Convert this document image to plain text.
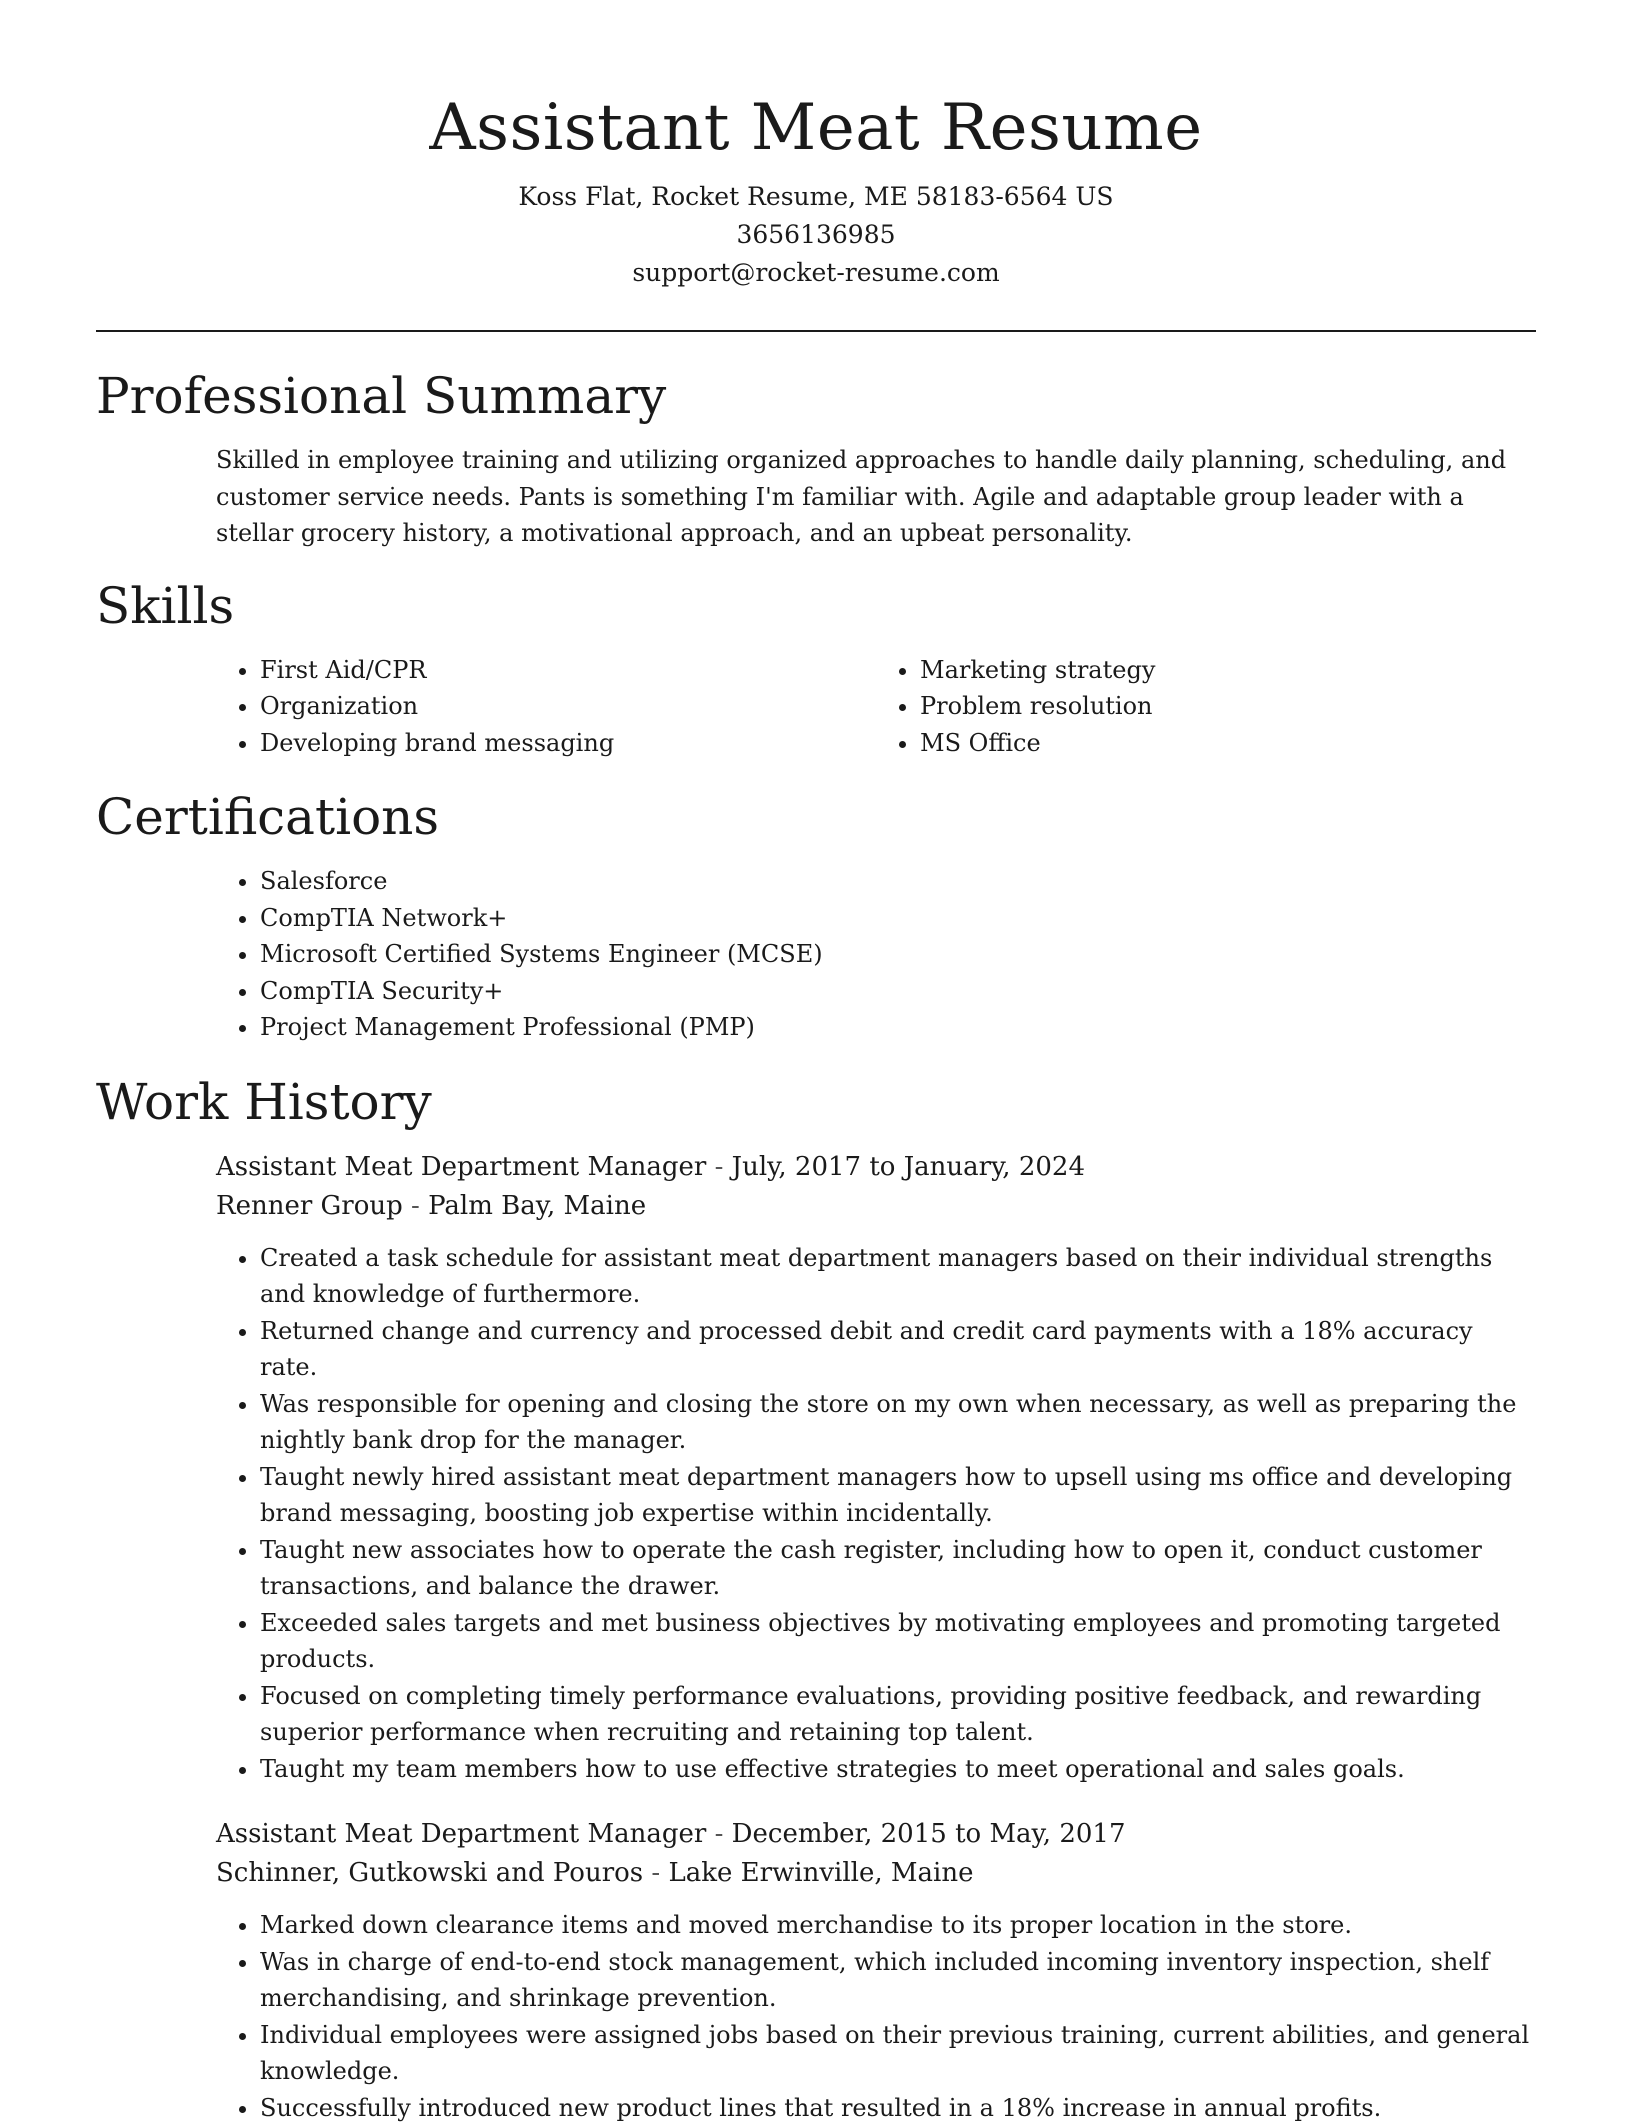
Assistant Meat Resume

Koss Flat, Rocket Resume, ME 58183-6564 US

3656136985

support@rocket-resume.com

Professional Summary

Skilled in employee training and utilizing organized approaches to handle daily planning, scheduling, and customer service needs. Pants is something I'm familiar with. Agile and adaptable group leader with a stellar grocery history, a motivational approach, and an upbeat personality.

Skills
• First Aid/CPR
• Organization
• Developing brand messaging
• Marketing strategy
• Problem resolution
• MS Office
Certifications
• Salesforce
• CompTIA Network+
• Microsoft Certified Systems Engineer (MCSE)
• CompTIA Security+
• Project Management Professional (PMP)
Work History

Assistant Meat Department Manager - July, 2017 to January, 2024

Renner Group - Palm Bay, Maine

• Created a task schedule for assistant meat department managers based on their individual strengths and knowledge of furthermore.
• Returned change and currency and processed debit and credit card payments with a 18% accuracy rate.
• Was responsible for opening and closing the store on my own when necessary, as well as preparing the nightly bank drop for the manager.
• Taught newly hired assistant meat department managers how to upsell using ms office and developing brand messaging, boosting job expertise within incidentally.
• Taught new associates how to operate the cash register, including how to open it, conduct customer transactions, and balance the drawer.
• Exceeded sales targets and met business objectives by motivating employees and promoting targeted products.
• Focused on completing timely performance evaluations, providing positive feedback, and rewarding superior performance when recruiting and retaining top talent.
• Taught my team members how to use effective strategies to meet operational and sales goals.

Assistant Meat Department Manager - December, 2015 to May, 2017

Schinner, Gutkowski and Pouros - Lake Erwinville, Maine

• Marked down clearance items and moved merchandise to its proper location in the store.
• Was in charge of end-to-end stock management, which included incoming inventory inspection, shelf merchandising, and shrinkage prevention.
• Individual employees were assigned jobs based on their previous training, current abilities, and general knowledge.
• Successfully introduced new product lines that resulted in a 18% increase in annual profits.
